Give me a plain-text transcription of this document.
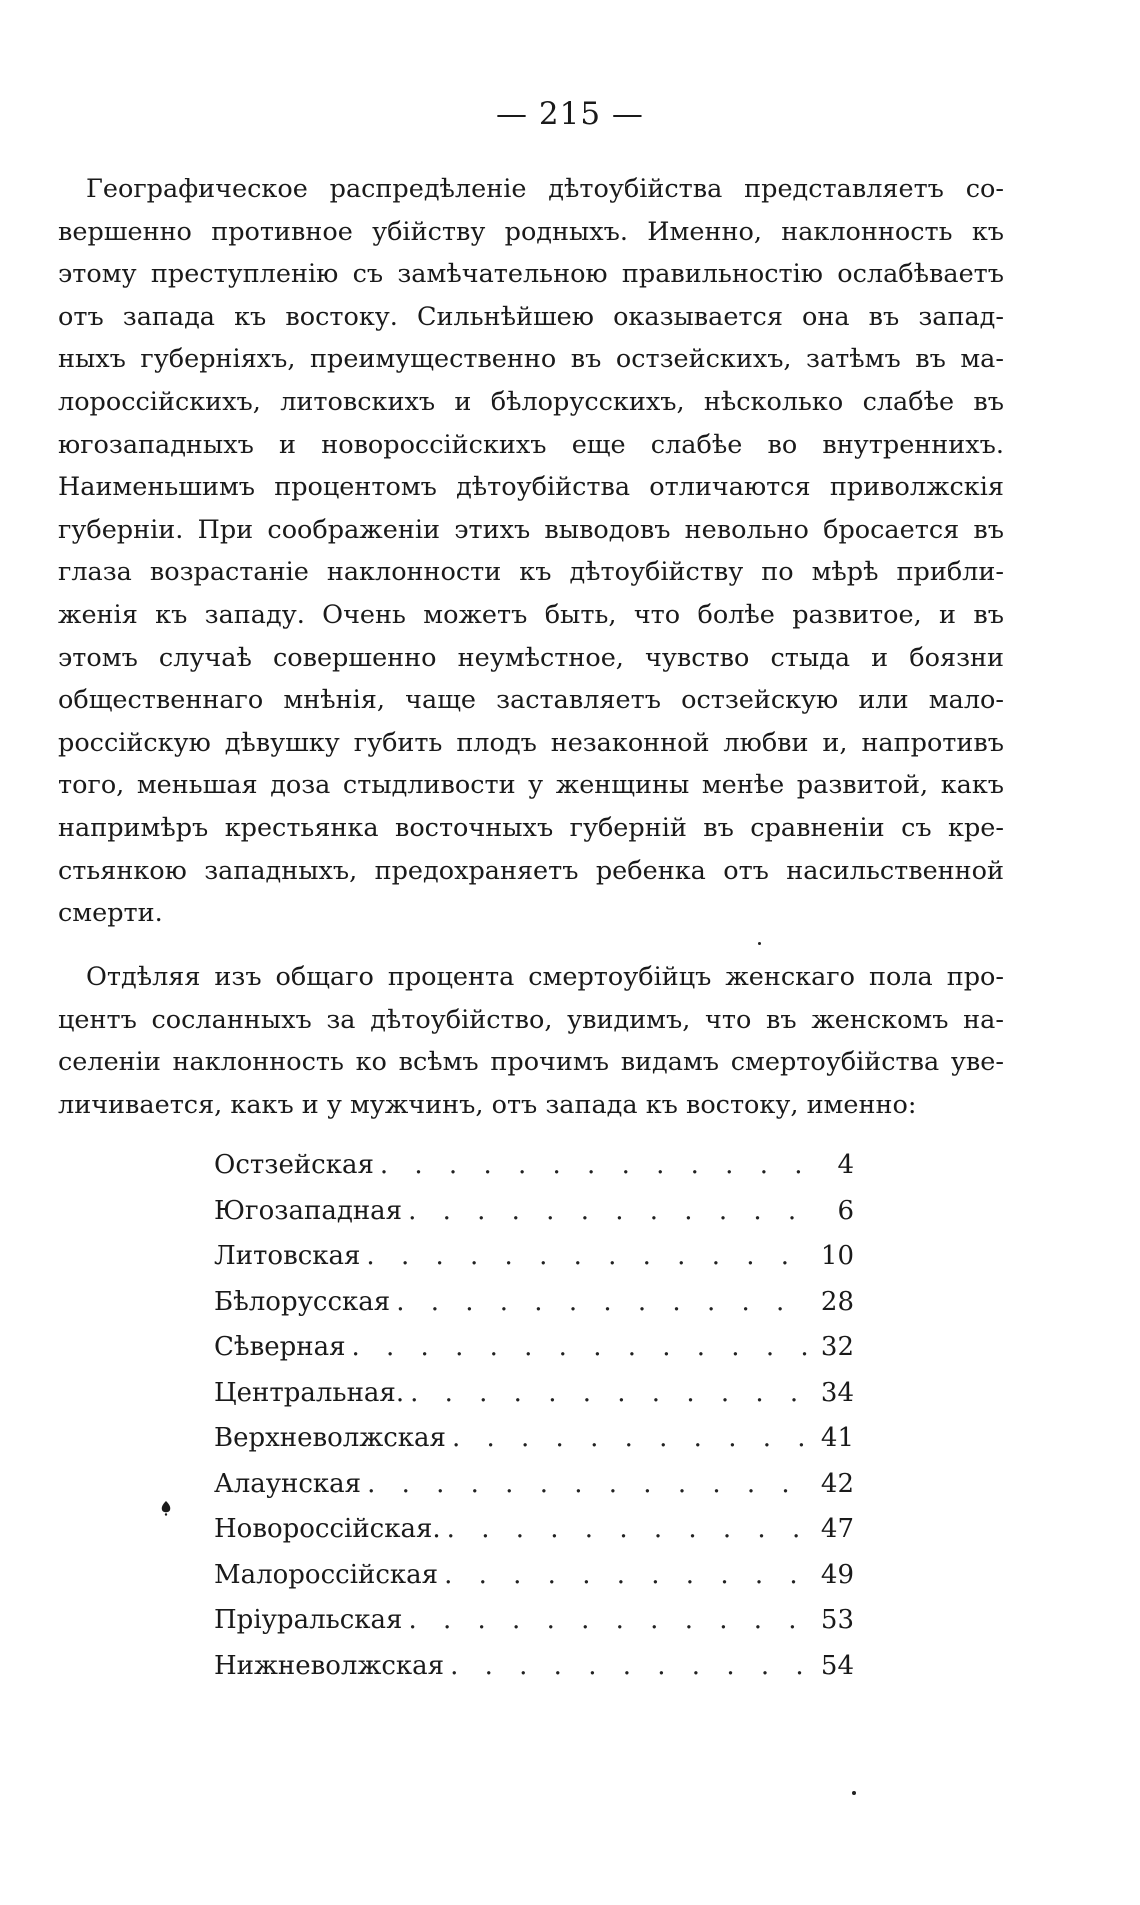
— 215 —
Географическое распредѣленіе дѣтоубійства представляетъ со-
вершенно противное убійству родныхъ. Именно, наклонность къ
этому преступленію съ замѣчательною правильностію ослабѣваетъ
отъ запада къ востоку. Сильнѣйшею оказывается она въ запад-
ныхъ губерніяхъ, преимущественно въ остзейскихъ, затѣмъ въ ма-
лороссійскихъ, литовскихъ и бѣлорусскихъ, нѣсколько слабѣе въ
югозападныхъ и новороссійскихъ еще слабѣе во внутреннихъ.
Наименьшимъ процентомъ дѣтоубійства отличаются приволжскія
губерніи. При соображеніи этихъ выводовъ невольно бросается въ
глаза возрастаніе наклонности къ дѣтоубійству по мѣрѣ прибли-
женія къ западу. Очень можетъ быть, что болѣе развитое, и въ
этомъ случаѣ совершенно неумѣстное, чувство стыда и боязни
общественнаго мнѣнія, чаще заставляетъ остзейскую или мало-
россійскую дѣвушку губить плодъ незаконной любви и, напротивъ
того, меньшая доза стыдливости у женщины менѣе развитой, какъ
напримѣръ крестьянка восточныхъ губерній въ сравненіи съ кре-
стьянкою западныхъ, предохраняетъ ребенка отъ насильственной
смерти.
Отдѣляя изъ общаго процента смертоубійцъ женскаго пола про-
центъ сосланныхъ за дѣтоубійство, увидимъ, что въ женскомъ на-
селеніи наклонность ко всѣмъ прочимъ видамъ смертоубійства уве-
личивается, какъ и у мужчинъ, отъ запада къ востоку, именно:
Остзейская . . .	4
Югозападная . . .	6
Литовская . . .	10
Бѣлорусская . . .	28
Сѣверная . . .	32
Центральная. . . .	34
Верхневолжская . . .	41
Алаунская . . .	42
Новороссійская. . . .	47
Малороссійская . . .	49
Пріуральская . . .	53
Нижневолжская . . .	54
